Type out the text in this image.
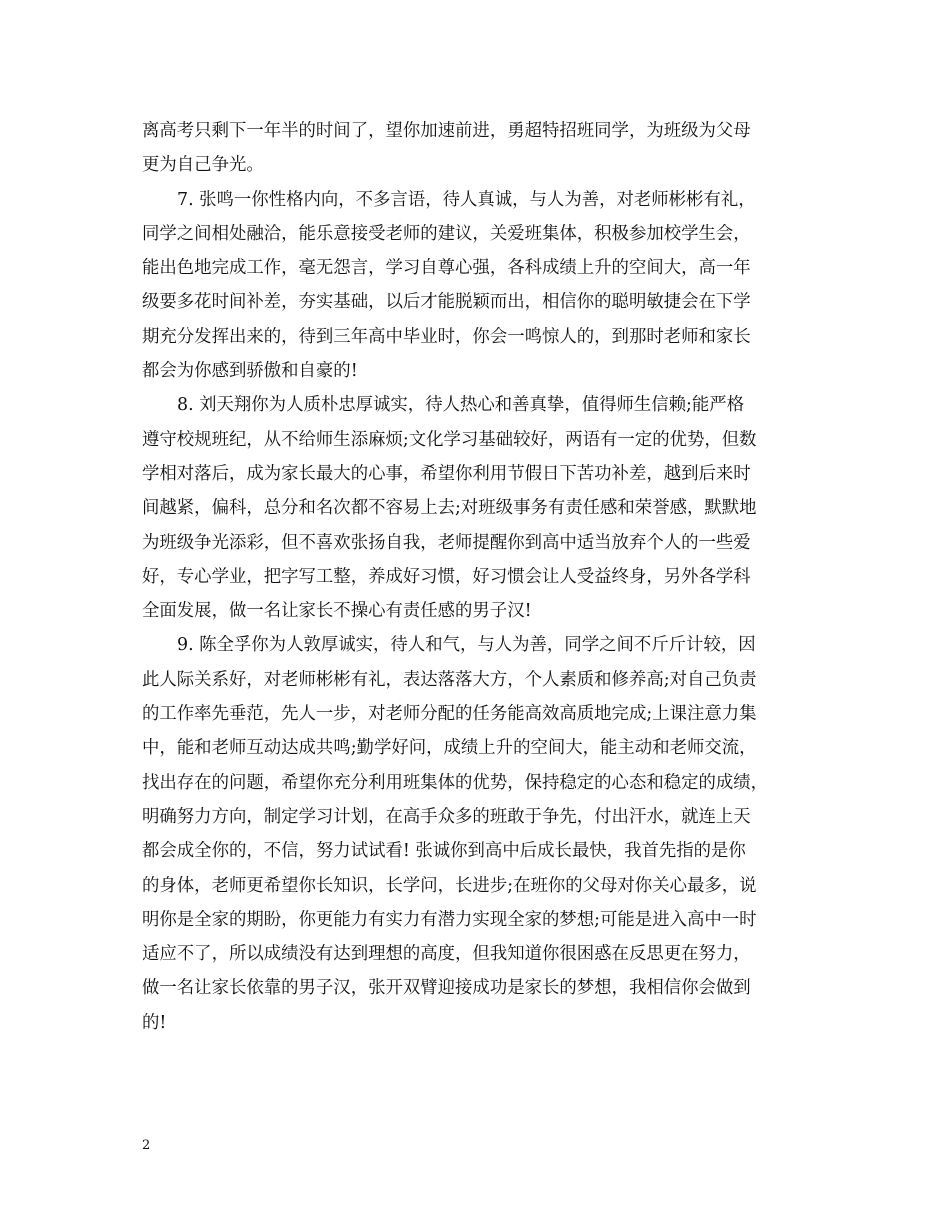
离高考只剩下一年半的时间了，望你加速前进，勇超特招班同学，为班级为父母
更为自己争光。
7. 张鸣一你性格内向，不多言语，待人真诚，与人为善，对老师彬彬有礼，
同学之间相处融洽，能乐意接受老师的建议，关爱班集体，积极参加校学生会，
能出色地完成工作，毫无怨言，学习自尊心强，各科成绩上升的空间大，高一年
级要多花时间补差，夯实基础，以后才能脱颖而出，相信你的聪明敏捷会在下学
期充分发挥出来的，待到三年高中毕业时，你会一鸣惊人的，到那时老师和家长
都会为你感到骄傲和自豪的!
8. 刘天翔你为人质朴忠厚诚实，待人热心和善真挚，值得师生信赖;能严格
遵守校规班纪，从不给师生添麻烦;文化学习基础较好，两语有一定的优势，但数
学相对落后，成为家长最大的心事，希望你利用节假日下苦功补差，越到后来时
间越紧，偏科，总分和名次都不容易上去;对班级事务有责任感和荣誉感，默默地
为班级争光添彩，但不喜欢张扬自我，老师提醒你到高中适当放弃个人的一些爱
好，专心学业，把字写工整，养成好习惯，好习惯会让人受益终身，另外各学科
全面发展，做一名让家长不操心有责任感的男子汉!
9. 陈全孚你为人敦厚诚实，待人和气，与人为善，同学之间不斤斤计较，因
此人际关系好，对老师彬彬有礼，表达落落大方，个人素质和修养高;对自己负责
的工作率先垂范，先人一步，对老师分配的任务能高效高质地完成;上课注意力集
中，能和老师互动达成共鸣;勤学好问，成绩上升的空间大，能主动和老师交流，
找出存在的问题，希望你充分利用班集体的优势，保持稳定的心态和稳定的成绩，
明确努力方向，制定学习计划，在高手众多的班敢于争先，付出汗水，就连上天
都会成全你的，不信，努力试试看! 张诚你到高中后成长最快，我首先指的是你
的身体，老师更希望你长知识，长学问，长进步;在班你的父母对你关心最多，说
明你是全家的期盼，你更能力有实力有潜力实现全家的梦想;可能是进入高中一时
适应不了，所以成绩没有达到理想的高度，但我知道你很困惑在反思更在努力，
做一名让家长依靠的男子汉，张开双臂迎接成功是家长的梦想，我相信你会做到
的!
2
